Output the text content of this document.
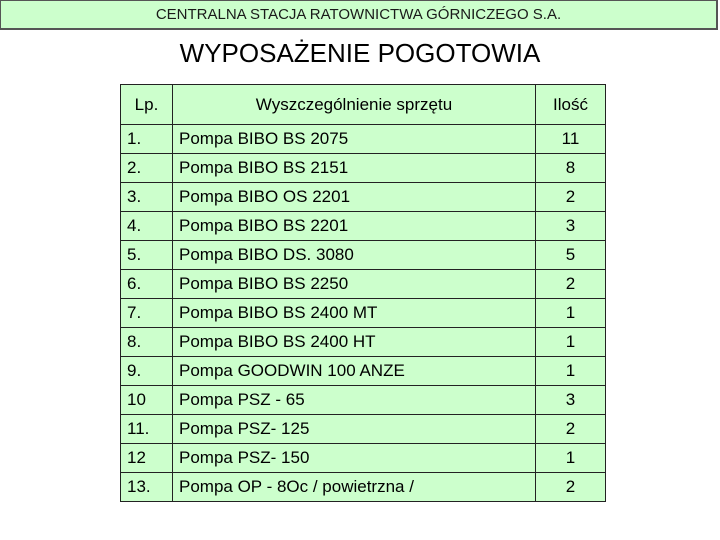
CENTRALNA STACJA RATOWNICTWA GÓRNICZEGO S.A.
WYPOSAŻENIE POGOTOWIA
Lp.	Wyszczególnienie sprzętu	Ilość
1.	Pompa BIBO BS 2075	11
2.	Pompa BIBO BS 2151	8
3.	Pompa BIBO OS 2201	2
4.	Pompa BIBO BS 2201	3
5.	Pompa BIBO DS. 3080	5
6.	Pompa BIBO BS 2250	2
7.	Pompa BIBO BS 2400 MT	1
8.	Pompa BIBO BS 2400 HT	1
9.	Pompa GOODWIN 100 ANZE	1
10	Pompa PSZ - 65	3
11.	Pompa PSZ- 125	2
12	Pompa PSZ- 150	1
13.	Pompa OP - 8Oc / powietrzna /	2
